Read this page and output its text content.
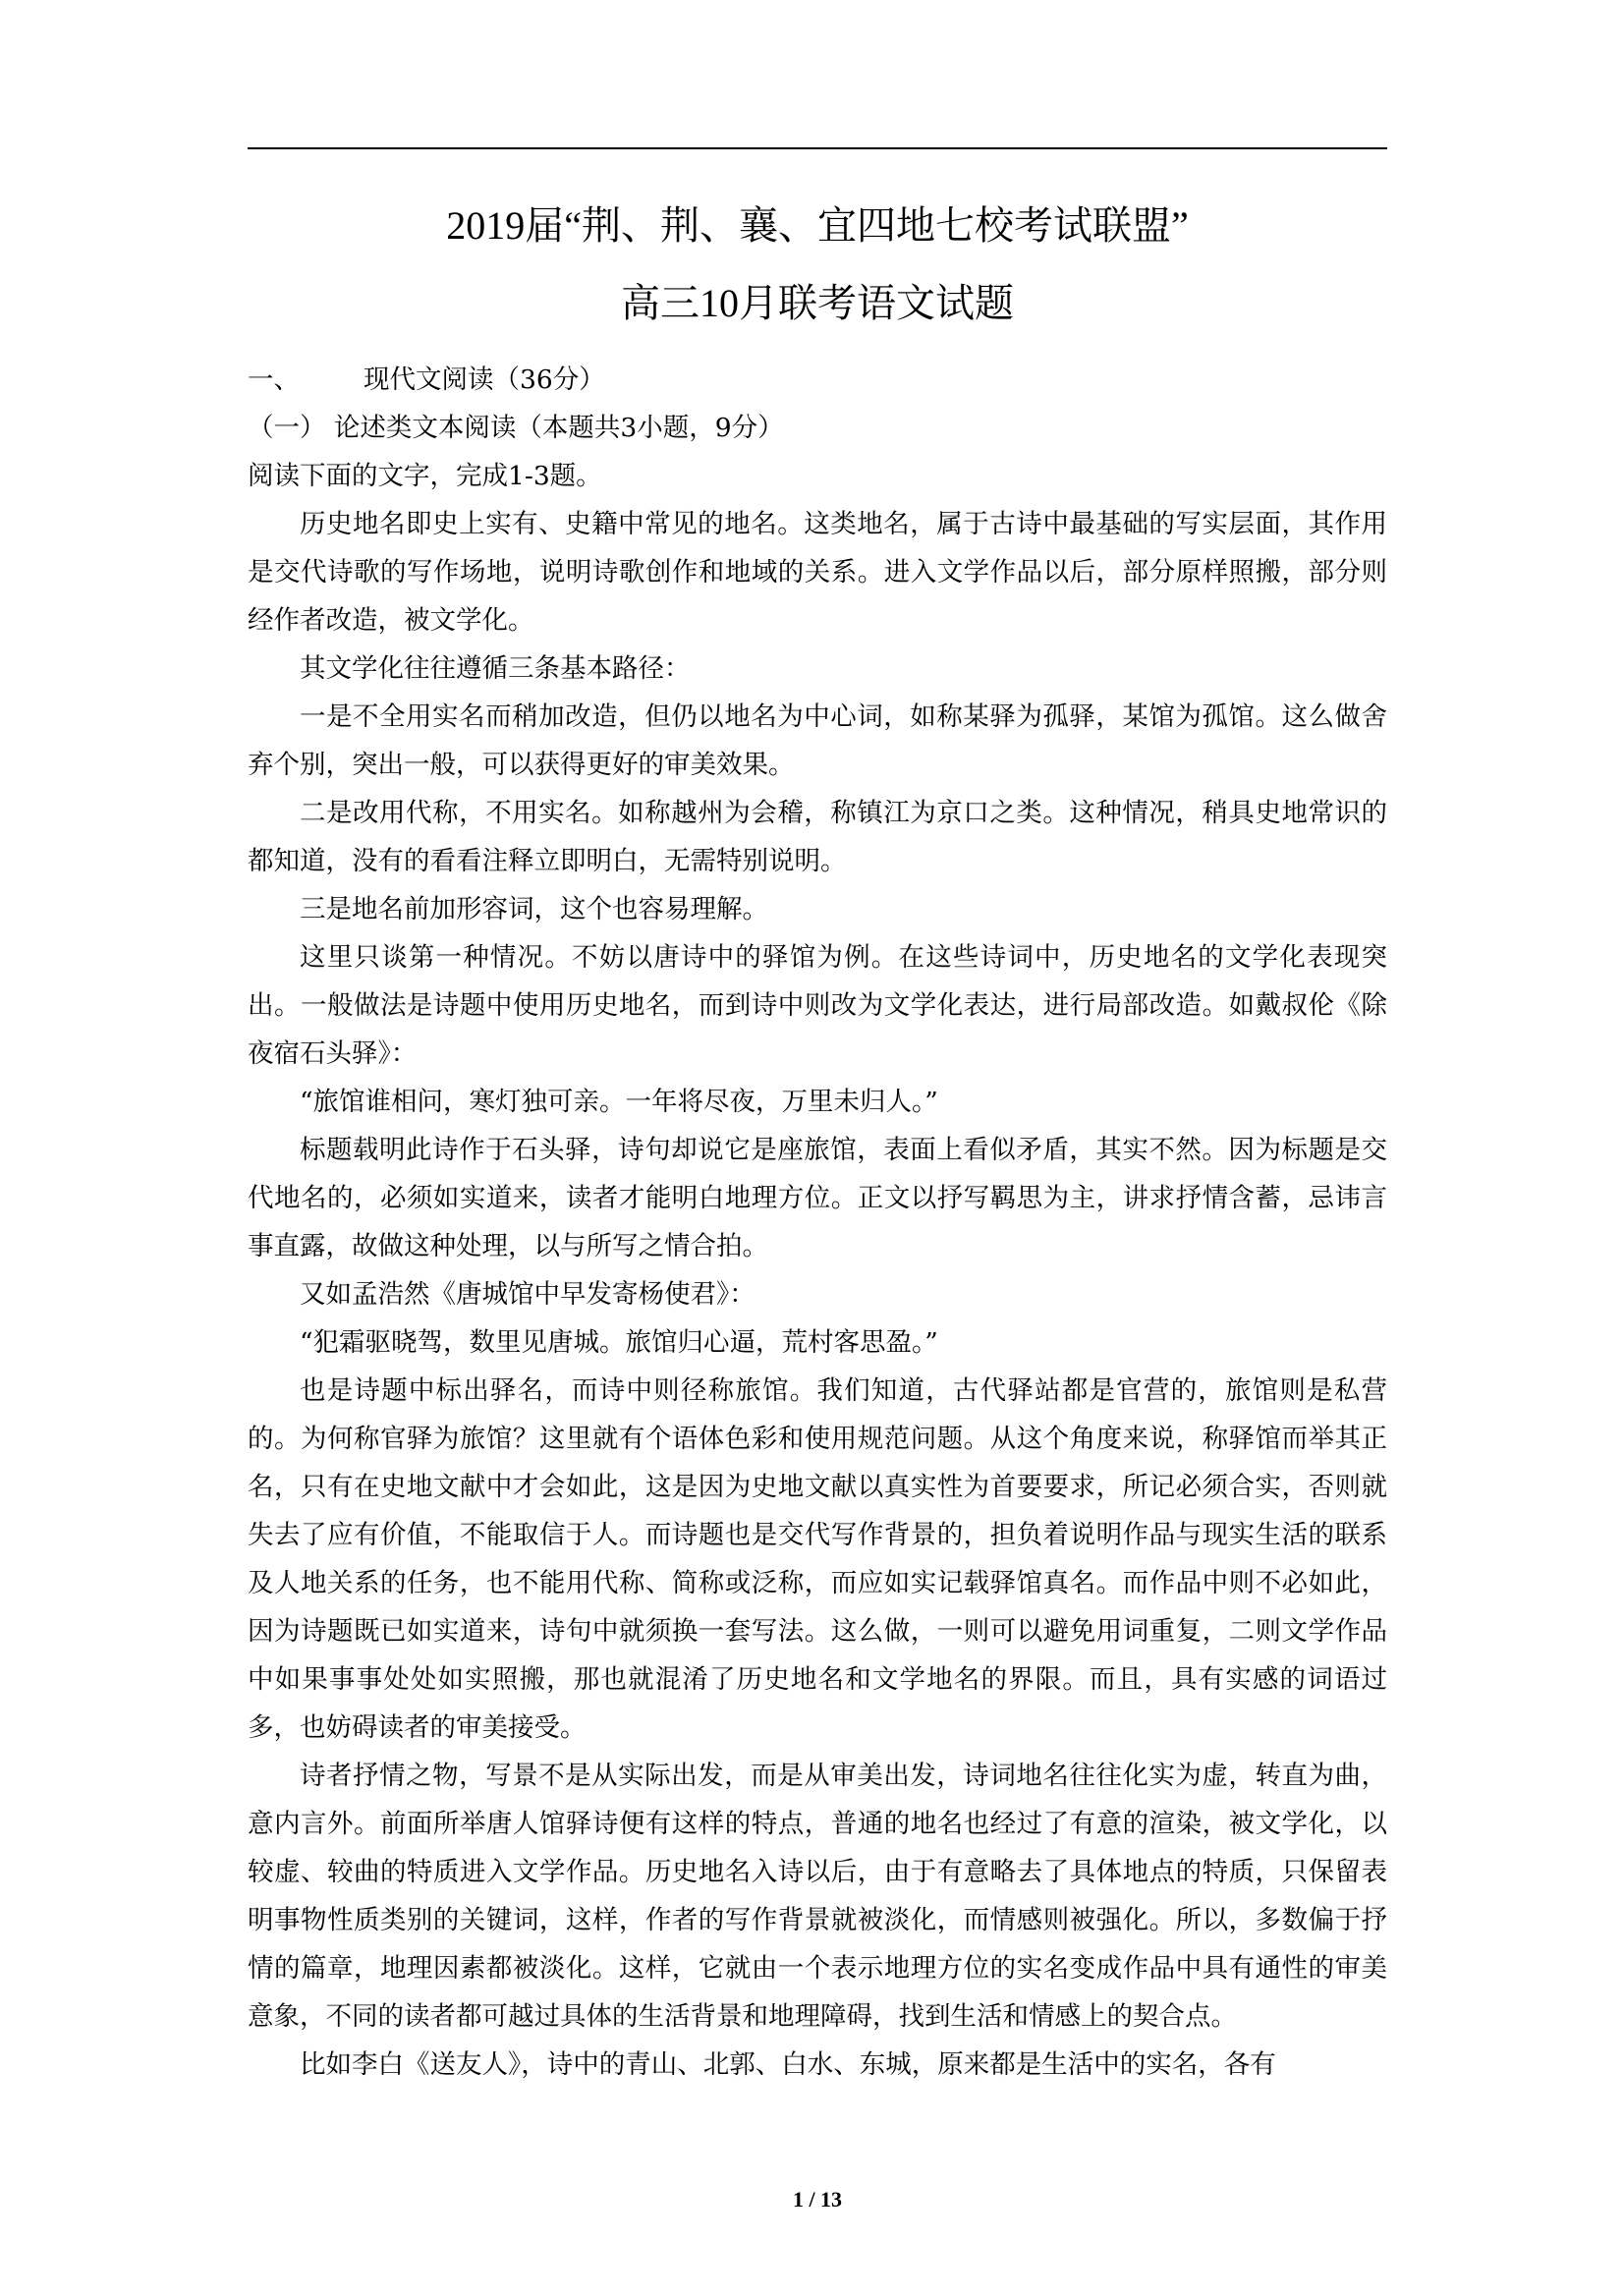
2019届“荆、荆、襄、宜四地七校考试联盟”
高三10月联考语文试题
一、	现代文阅读（36分）
（一） 论述类文本阅读（本题共3小题，9分）
阅读下面的文字，完成1-3题。

历史地名即史上实有、史籍中常见的地名。这类地名，属于古诗中最基础的写实层面，其作用是交代诗歌的写作场地，说明诗歌创作和地域的关系。进入文学作品以后，部分原样照搬，部分则经作者改造，被文学化。

其文学化往往遵循三条基本路径：

一是不全用实名而稍加改造，但仍以地名为中心词，如称某驿为孤驿，某馆为孤馆。这么做舍弃个别，突出一般，可以获得更好的审美效果。

二是改用代称，不用实名。如称越州为会稽，称镇江为京口之类。这种情况，稍具史地常识的都知道，没有的看看注释立即明白，无需特别说明。

三是地名前加形容词，这个也容易理解。

这里只谈第一种情况。不妨以唐诗中的驿馆为例。在这些诗词中，历史地名的文学化表现突出。一般做法是诗题中使用历史地名，而到诗中则改为文学化表达，进行局部改造。如戴叔伦《除夜宿石头驿》：

“旅馆谁相问，寒灯独可亲。一年将尽夜，万里未归人。”

标题载明此诗作于石头驿，诗句却说它是座旅馆，表面上看似矛盾，其实不然。因为标题是交代地名的，必须如实道来，读者才能明白地理方位。正文以抒写羁思为主，讲求抒情含蓄，忌讳言事直露，故做这种处理，以与所写之情合拍。

又如孟浩然《唐城馆中早发寄杨使君》：

“犯霜驱晓驾，数里见唐城。旅馆归心逼，荒村客思盈。”

也是诗题中标出驿名，而诗中则径称旅馆。我们知道，古代驿站都是官营的，旅馆则是私营的。为何称官驿为旅馆？这里就有个语体色彩和使用规范问题。从这个角度来说，称驿馆而举其正名，只有在史地文献中才会如此，这是因为史地文献以真实性为首要要求，所记必须合实，否则就失去了应有价值，不能取信于人。而诗题也是交代写作背景的，担负着说明作品与现实生活的联系及人地关系的任务，也不能用代称、简称或泛称，而应如实记载驿馆真名。而作品中则不必如此，因为诗题既已如实道来，诗句中就须换一套写法。这么做，一则可以避免用词重复，二则文学作品中如果事事处处如实照搬，那也就混淆了历史地名和文学地名的界限。而且，具有实感的词语过多，也妨碍读者的审美接受。

诗者抒情之物，写景不是从实际出发，而是从审美出发，诗词地名往往化实为虚，转直为曲，意内言外。前面所举唐人馆驿诗便有这样的特点，普通的地名也经过了有意的渲染，被文学化，以较虚、较曲的特质进入文学作品。历史地名入诗以后，由于有意略去了具体地点的特质，只保留表明事物性质类别的关键词，这样，作者的写作背景就被淡化，而情感则被强化。所以，多数偏于抒情的篇章，地理因素都被淡化。这样，它就由一个表示地理方位的实名变成作品中具有通性的审美意象，不同的读者都可越过具体的生活背景和地理障碍，找到生活和情感上的契合点。

比如李白《送友人》，诗中的青山、北郭、白水、东城，原来都是生活中的实名，各有

1 / 13
